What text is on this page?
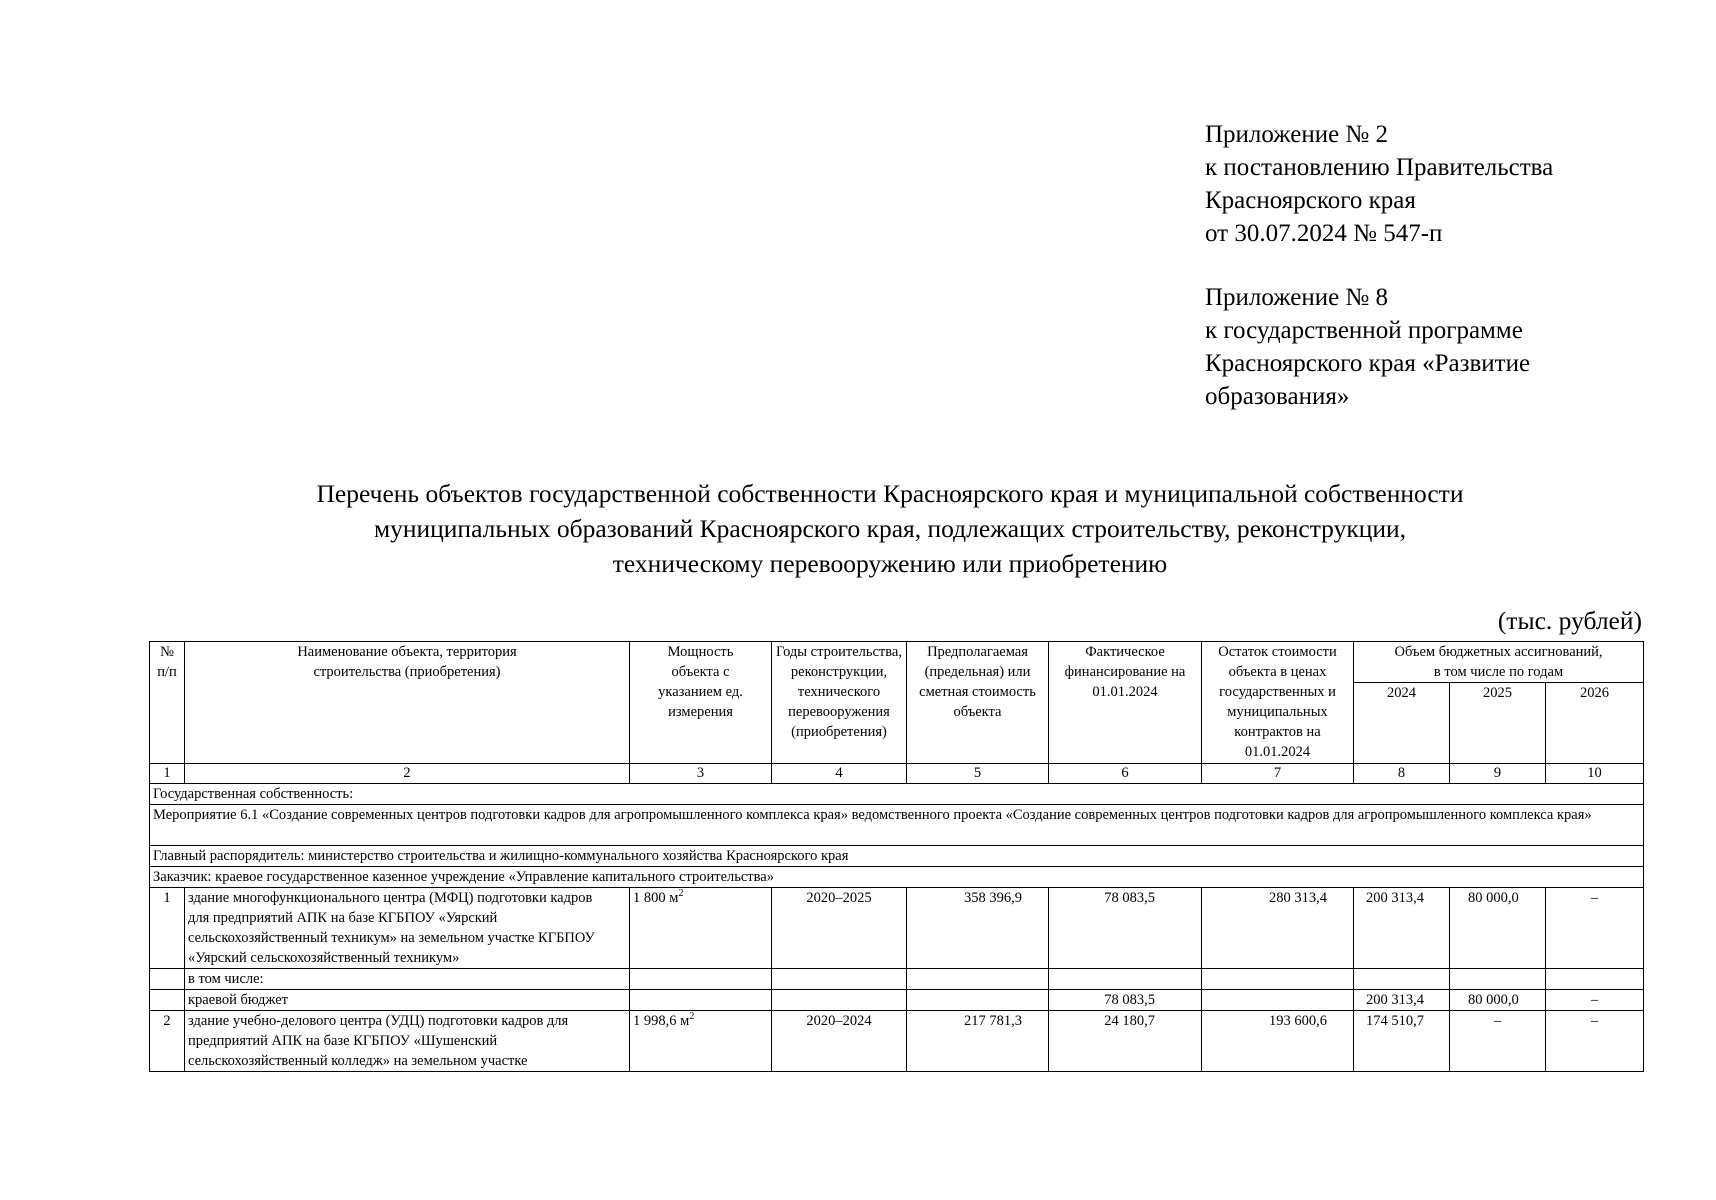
Приложение № 2
к постановлению Правительства
Красноярского края
от 30.07.2024 № 547-п
Приложение № 8
к государственной программе
Красноярского края «Развитие
образования»
Перечень объектов государственной собственности Красноярского края и муниципальной собственности
муниципальных образований Красноярского края, подлежащих строительству, реконструкции,
техническому перевооружению или приобретению
(тыс. рублей)
№ п/п	Наименование объекта, территория строительства (приобретения)	Мощность объекта с указанием ед. измерения	Годы строительства, реконструкции, технического перевооружения (приобретения)	Предполагаемая (предельная) или сметная стоимость объекта	Фактическое финансирование на 01.01.2024	Остаток стоимости объекта в ценах государственных и муниципальных контрактов на 01.01.2024	Объем бюджетных ассигнований, в том числе по годам		
							2024	2025	2026
1	2	3	4	5	6	7	8	9	10
Государственная собственность:									
Мероприятие 6.1 «Создание современных центров подготовки кадров для агропромышленного комплекса края» ведомственного проекта «Создание современных центров подготовки кадров для агропромышленного комплекса края»									
Главный распорядитель: министерство строительства и жилищно-коммунального хозяйства Красноярского края									
Заказчик: краевое государственное казенное учреждение «Управление капитального строительства»									
1	здание многофункционального центра (МФЦ) подготовки кадров для предприятий АПК на базе КГБПОУ «Уярский сельскохозяйственный техникум» на земельном участке КГБПОУ «Уярский сельскохозяйственный техникум»	1 800 $м^2$	2020–2025	358 396,9	78 083,5	280 313,4	200 313,4	80 000,0	–
	в том числе:								
	краевой бюджет				78 083,5		200 313,4	80 000,0	–
2	здание учебно-делового центра (УДЦ) подготовки кадров для предприятий АПК на базе КГБПОУ «Шушенский сельскохозяйственный колледж» на земельном участке	1 998,6 $м^2$	2020–2024	217 781,3	24 180,7	193 600,6	174 510,7	–	–
